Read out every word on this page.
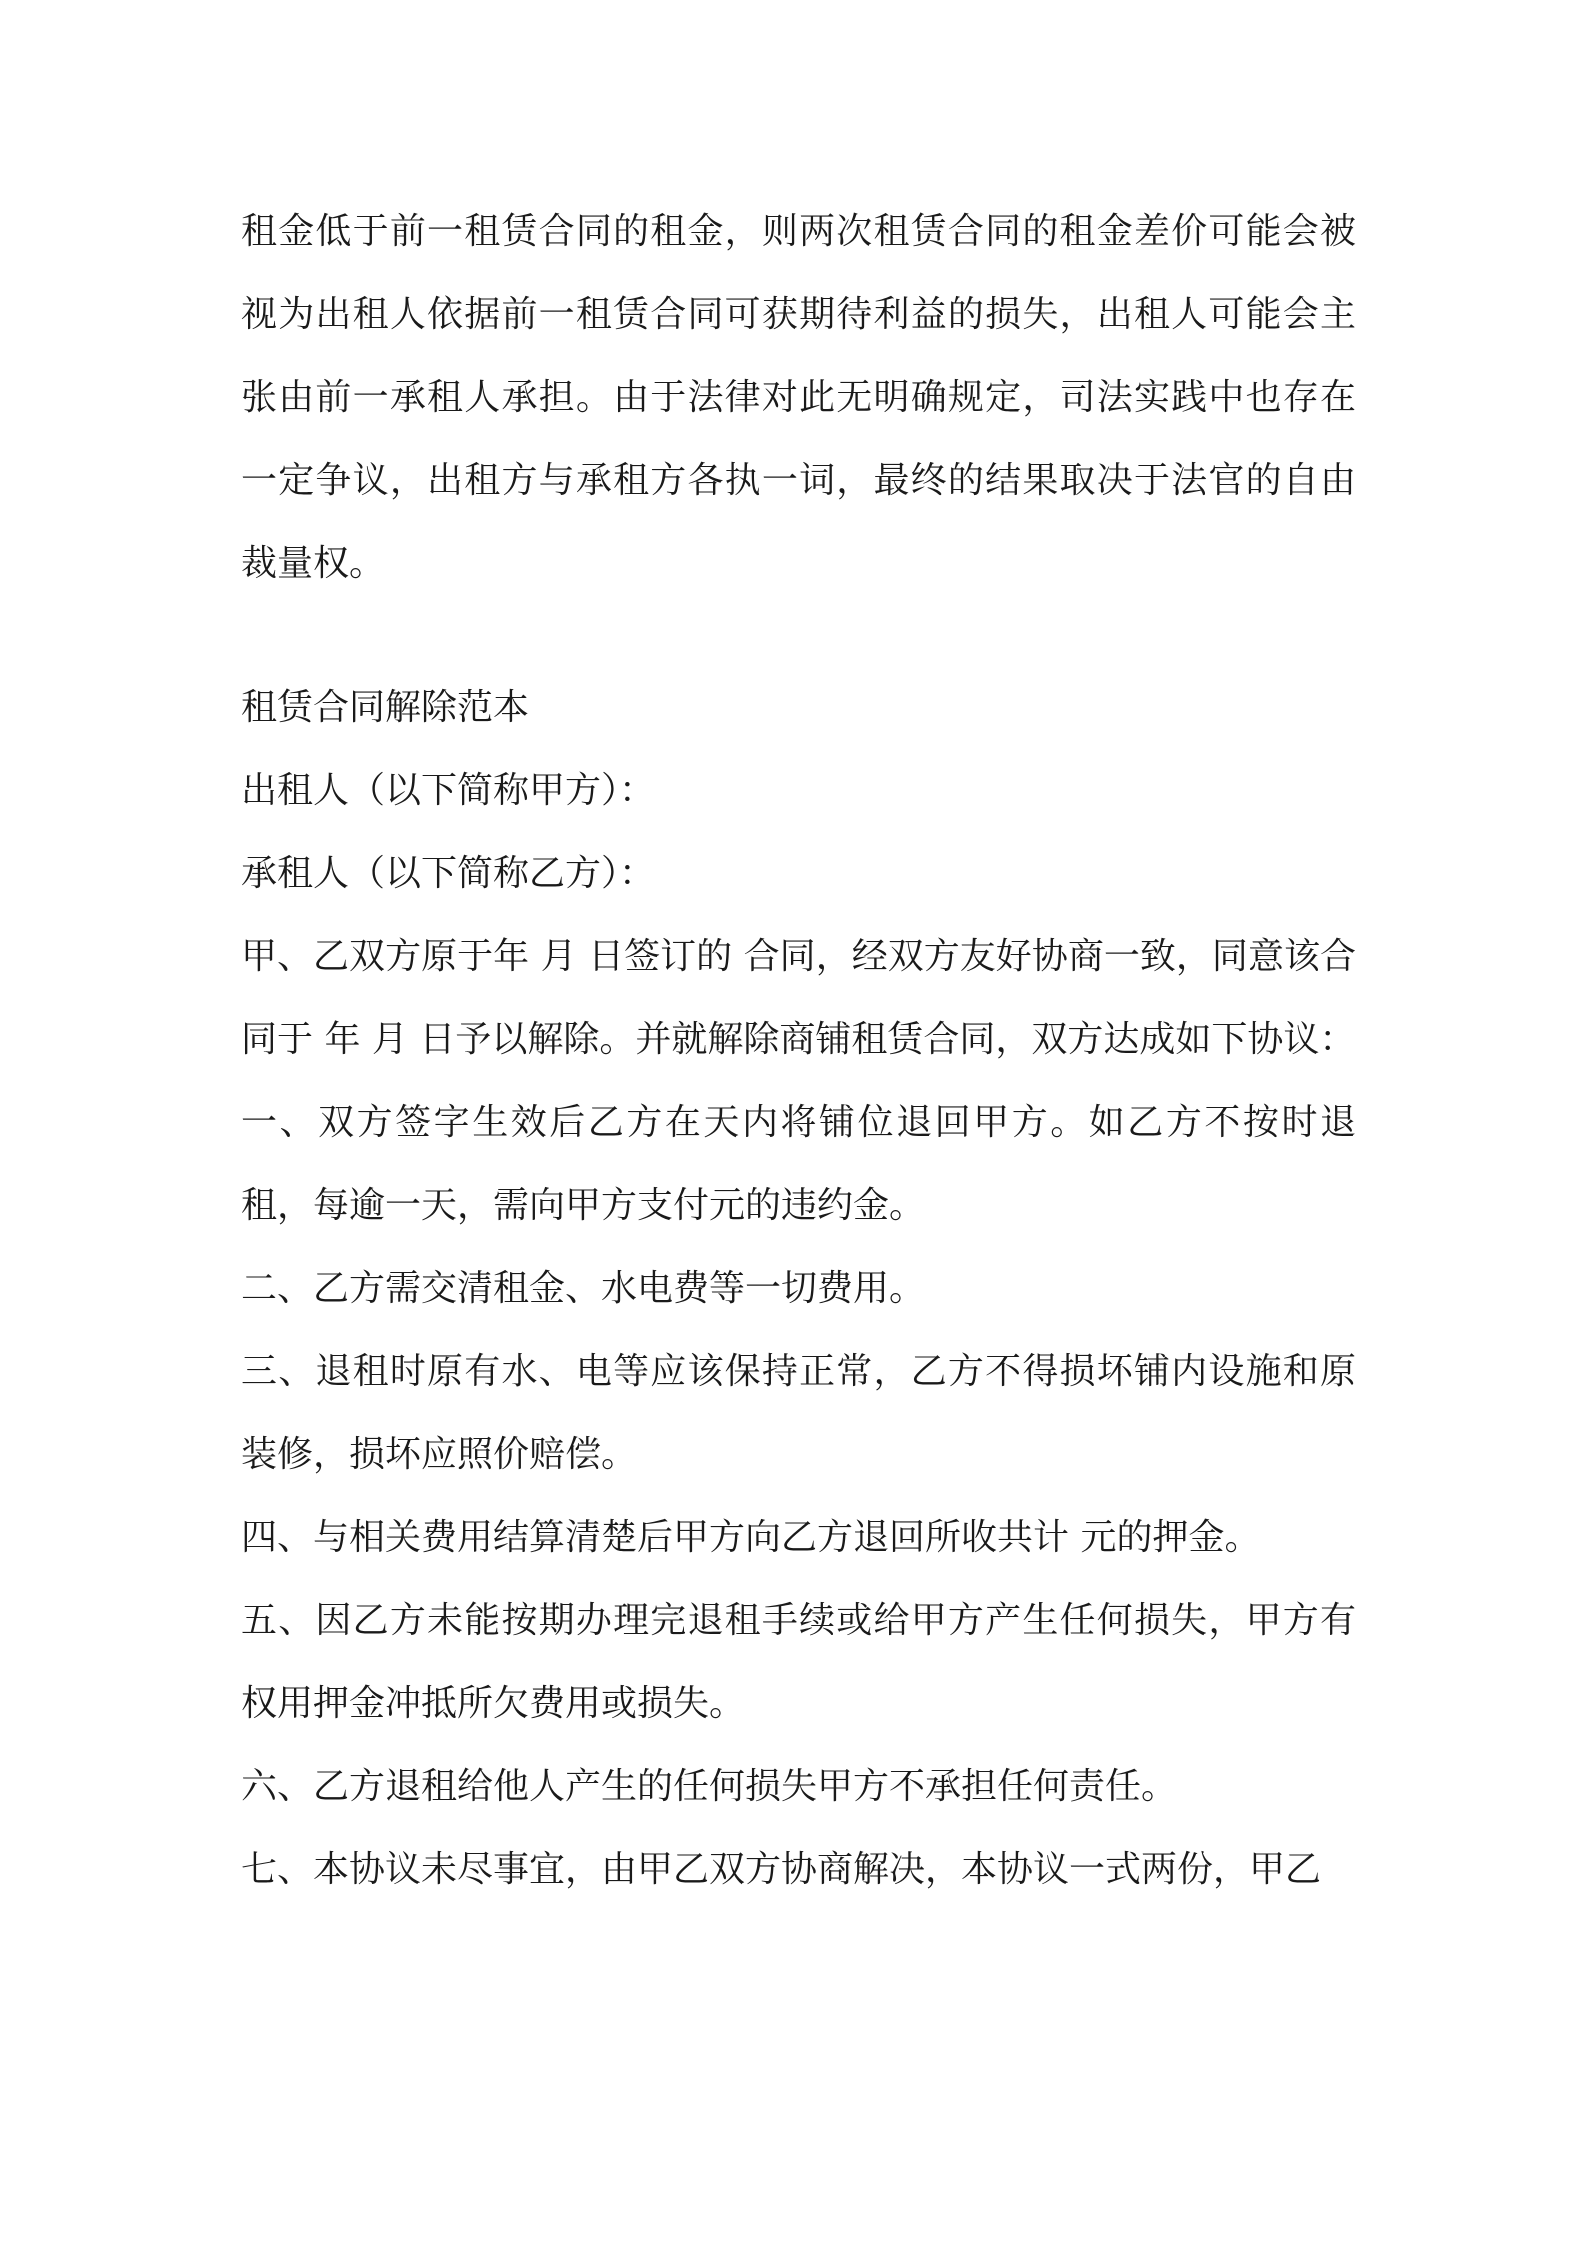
租金低于前一租赁合同的租金，则两次租赁合同的租金差价可能会被视为出租人依据前一租赁合同可获期待利益的损失，出租人可能会主张由前一承租人承担。由于法律对此无明确规定，司法实践中也存在一定争议，出租方与承租方各执一词，最终的结果取决于法官的自由裁量权。

租赁合同解除范本

出租人（以下简称甲方）：

承租人（以下简称乙方）：

甲、乙双方原于年 月 日签订的 合同，经双方友好协商一致，同意该合同于 年 月 日予以解除。并就解除商铺租赁合同，双方达成如下协议：

一、双方签字生效后乙方在天内将铺位退回甲方。如乙方不按时退租，每逾一天，需向甲方支付元的违约金。

二、乙方需交清租金、水电费等一切费用。

三、退租时原有水、电等应该保持正常，乙方不得损坏铺内设施和原装修，损坏应照价赔偿。

四、与相关费用结算清楚后甲方向乙方退回所收共计 元的押金。

五、因乙方未能按期办理完退租手续或给甲方产生任何损失，甲方有权用押金冲抵所欠费用或损失。

六、乙方退租给他人产生的任何损失甲方不承担任何责任。

七、本协议未尽事宜，由甲乙双方协商解决，本协议一式两份，甲乙
